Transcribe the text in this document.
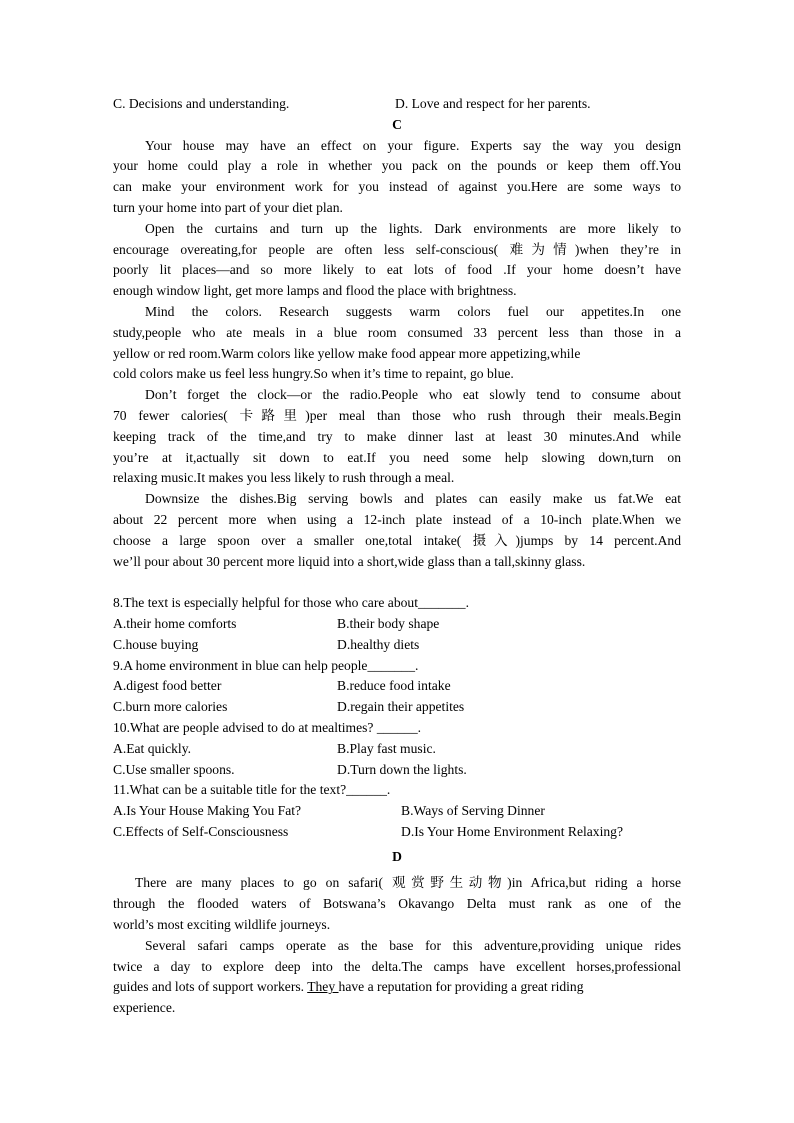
C. Decisions and understanding.	D. Love and respect for her parents.
C
Your house may have an effect on your figure. Experts say the way you design
your home could play a role in whether you pack on the pounds or keep them off.You
can make your environment work for you instead of against you.Here are some ways to
turn your home into part of your diet plan.
Open the curtains and turn up the lights. Dark environments are more likely to
encourage overeating,for people are often less self-conscious( 难为情)when they’re in
poorly lit places—and so more likely to eat lots of food .If your home doesn’t have
enough window light, get more lamps and flood the place with brightness.
Mind the colors. Research suggests warm colors fuel our appetites.In one
study,people who ate meals in a blue room consumed 33 percent less than those in a
yellow or red room.Warm colors like yellow make food appear more appetizing,while
cold colors make us feel less hungry.So when it’s time to repaint, go blue.
Don’t forget the clock—or the radio.People who eat slowly tend to consume about
70 fewer calories( 卡路里)per meal than those who rush through their meals.Begin
keeping track of the time,and try to make dinner last at least 30 minutes.And while
you’re at it,actually sit down to eat.If you need some help slowing down,turn on
relaxing music.It makes you less likely to rush through a meal.
Downsize the dishes.Big serving bowls and plates can easily make us fat.We eat
about 22 percent more when using a 12-inch plate instead of a 10-inch plate.When we
choose a large spoon over a smaller one,total intake( 摄入)jumps by 14 percent.And
we’ll pour about 30 percent more liquid into a short,wide glass than a tall,skinny glass.
8.The text is especially helpful for those who care about_______.
A.their home comforts	B.their body shape
C.house buying	D.healthy diets
9.A home environment in blue can help people_______.
A.digest food better	B.reduce food intake
C.burn more calories	D.regain their appetites
10.What are people advised to do at mealtimes? ______.
A.Eat quickly.	B.Play fast music.
C.Use smaller spoons.	D.Turn down the lights.
11.What can be a suitable title for the text?______.
A.Is Your House Making You Fat?	B.Ways of Serving Dinner
C.Effects of Self-Consciousness	D.Is Your Home Environment Relaxing?
D
There are many places to go on safari( 观赏野生动物)in Africa,but riding a horse
through the flooded waters of Botswana’s Okavango Delta must rank as one of the
world’s most exciting wildlife journeys.
Several safari camps operate as the base for this adventure,providing unique rides
twice a day to explore deep into the delta.The camps have excellent horses,professional
guides and lots of support workers. They have a reputation for providing a great riding
experience.
